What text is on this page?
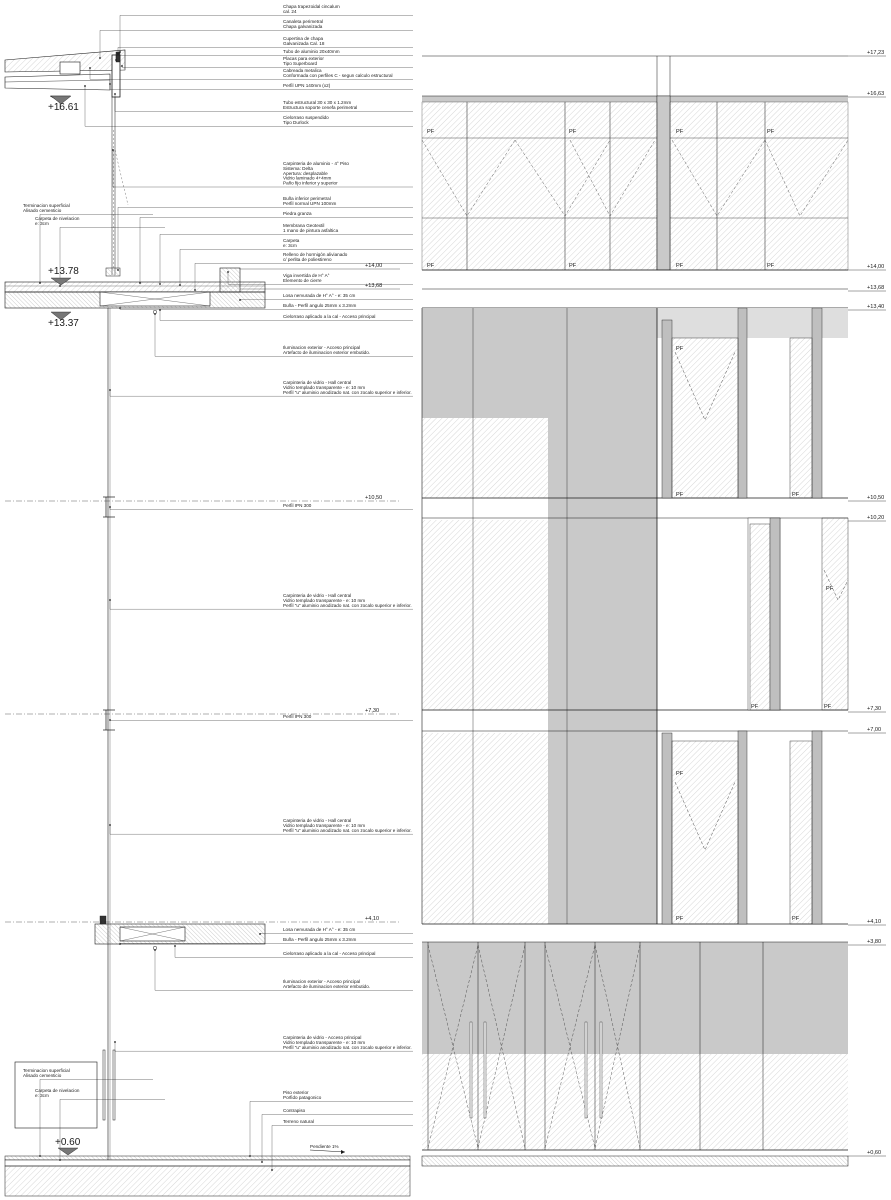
Chapa trapezoidal cincalum
cal. 24
Canaleta perimetral
Chapa galvanizada
Cupertina de chapa
Galvanizada Cal. 18
Tubo de aluminio 20x40mm
Placas para exterior
Tipo Superboard
Cabreada metalica
Conformada con perfiles C - segun calculo estructural
Perfil UPN 140mm (x2)
Tubo estructural 30 x 30 x 1.2mm
Estructura soporte cenefa perimetral
Cielorraso suspendido
Tipo Durlock
Carpinteria de aluminio - 4° Piso
Sistema: Delta
Apertura: desplazable
Vidrio laminado 4+4mm
Paño fijo inferior y superior
Buña inferior perimetral
Perfil normal UPN 100mm
Piedra granza
Membrana Geotextil
1 mano de pintura asfaltica
Carpeta
e: 3cm
Relleno de hormigón alivianado
c/ perlita de poliestireno
Viga invertida de H° A°
Elemento de cierre
Losa nervurada de H° A° - e: 35 cm
Buña - Perfil angulo 25mm x 3.2mm
Cielorraso aplicado a la cal - Acceso principal
Iluminacion exterior - Acceso principal
Artefacto de iluminacion exterior embutido.
Carpinteria de vidrio - Hall central
Vidrio templado transparente - e: 10 mm
Perfil "u" aluminio anodizado nat. con zocalo superior e inferior.
Perfil IPN 300
Carpinteria de vidrio - Hall central
Vidrio templado transparente - e: 10 mm
Perfil "u" aluminio anodizado nat. con zocalo superior e inferior.
Perfil IPN 300
Carpinteria de vidrio - Hall central
Vidrio templado transparente - e: 10 mm
Perfil "u" aluminio anodizado nat. con zocalo superior e inferior.
Losa nervurada de H° A° - e: 35 cm
Buña - Perfil angulo 25mm x 3.2mm
Cielorraso aplicado a la cal - Acceso principal
Iluminacion exterior - Acceso principal
Artefacto de iluminacion exterior embutido.
Carpinteria de vidrio - Acceso principal
Vidrio templado transparente - e: 10 mm
Perfil "u" aluminio anodizado nat. con zocalo superior e inferior.
Piso exterior
Porfido patagonico
Contrapiso
Terreno natural
Terminacion superficial
Alisado cementicio
Carpeta de nivelacion
e: 3cm
Terminacion superficial
Alisado cementicio
Carpeta de nivelacion
e: 3cm
+16.61
+13.78
+13.37
+0.60
+14,00
+13,68
+10,50
+7,30
+4,10
+17,23
+16,63
+14,00
+13,68
+13,40
+10,50
+10,20
+7,30
+7,00
+4,10
+3,80
+0,60
PF	PF	PF	PF
PF	PF	PF	PF
PF
PF	PF
PF	PF
PF
PF
PF	PF
Pendiente 1%
